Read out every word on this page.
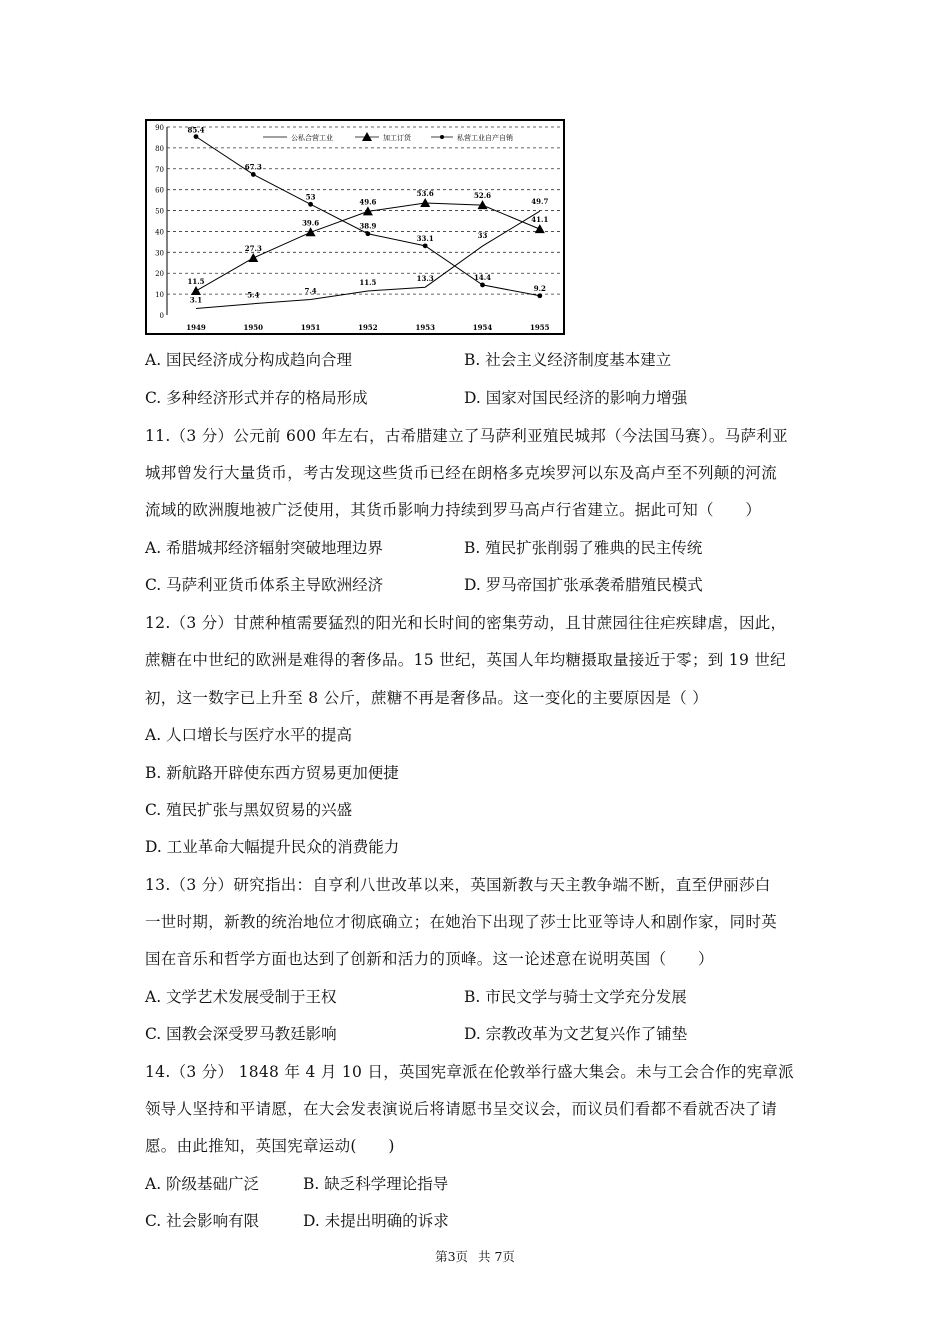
0
10
20
30
40
50
60
70
80
90
1949	1950	1951	1952	1953	1954	1955
85.4
67.3
53
38.9
33.1
14.4
9.2
11.5
27.3
39.6
49.6
53.6	52.6
41.1
3.1
5.4	7.4
11.5	13.3
33
49.7
公私合营工业	加工订货	私营工业自产自销
A. 国民经济成分构成趋向合理	B. 社会主义经济制度基本建立
C. 多种经济形式并存的格局形成	D. 国家对国民经济的影响力增强
11.（3 分）公元前 600 年左右，古希腊建立了马萨利亚殖民城邦（今法国马赛）。马萨利亚
城邦曾发行大量货币，考古发现这些货币已经在朗格多克埃罗河以东及高卢至不列颠的河流
流域的欧洲腹地被广泛使用，其货币影响力持续到罗马高卢行省建立。据此可知（　　）
A. 希腊城邦经济辐射突破地理边界	B. 殖民扩张削弱了雅典的民主传统
C. 马萨利亚货币体系主导欧洲经济	D. 罗马帝国扩张承袭希腊殖民模式
12.（3 分）甘蔗种植需要猛烈的阳光和长时间的密集劳动，且甘蔗园往往疟疾肆虐，因此，
蔗糖在中世纪的欧洲是难得的奢侈品。15 世纪，英国人年均糖摄取量接近于零；到 19 世纪
初，这一数字已上升至 8 公斤，蔗糖不再是奢侈品。这一变化的主要原因是（ ）
A. 人口增长与医疗水平的提高
B. 新航路开辟使东西方贸易更加便捷
C. 殖民扩张与黑奴贸易的兴盛
D. 工业革命大幅提升民众的消费能力
13.（3 分）研究指出：自亨利八世改革以来，英国新教与天主教争端不断，直至伊丽莎白
一世时期，新教的统治地位才彻底确立；在她治下出现了莎士比亚等诗人和剧作家，同时英
国在音乐和哲学方面也达到了创新和活力的顶峰。这一论述意在说明英国（　　）
A. 文学艺术发展受制于王权	B. 市民文学与骑士文学充分发展
C. 国教会深受罗马教廷影响	D. 宗教改革为文艺复兴作了铺垫
14.（3 分） 1848 年 4 月 10 日，英国宪章派在伦敦举行盛大集会。未与工会合作的宪章派
领导人坚持和平请愿，在大会发表演说后将请愿书呈交议会，而议员们看都不看就否决了请
愿。由此推知，英国宪章运动(　　)
A. 阶级基础广泛	B. 缺乏科学理论指导
C. 社会影响有限	D. 未提出明确的诉求
第3页 共 7页
